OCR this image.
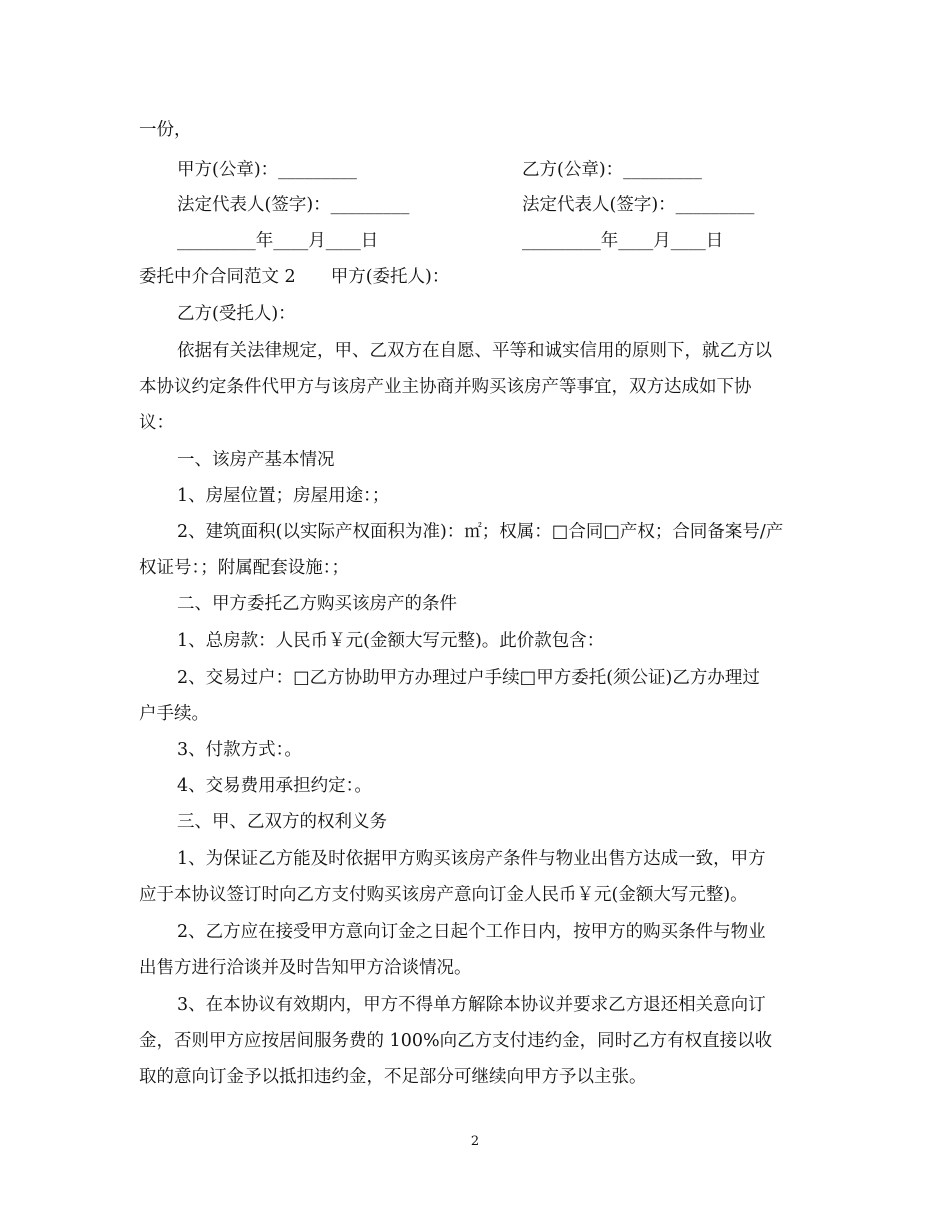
一份，

甲方(公章)：_________	乙方(公章)：_________

法定代表人(签字)：_________	法定代表人(签字)：_________

_________年____月____日	_________年____月____日

委托中介合同范文 2　　甲方(委托人)：

乙方(受托人)：

依据有关法律规定，甲、乙双方在自愿、平等和诚实信用的原则下，就乙方以

本协议约定条件代甲方与该房产业主协商并购买该房产等事宜，双方达成如下协

议：

一、该房产基本情况

1、房屋位置；房屋用途：；

2、建筑面积(以实际产权面积为准)：㎡；权属：□合同□产权；合同备案号/产

权证号：；附属配套设施：；

二、甲方委托乙方购买该房产的条件

1、总房款：人民币￥元(金额大写元整)。此价款包含：

2、交易过户：□乙方协助甲方办理过户手续□甲方委托(须公证)乙方办理过

户手续。

3、付款方式：。

4、交易费用承担约定：。

三、甲、乙双方的权利义务

1、为保证乙方能及时依据甲方购买该房产条件与物业出售方达成一致，甲方

应于本协议签订时向乙方支付购买该房产意向订金人民币￥元(金额大写元整)。

2、乙方应在接受甲方意向订金之日起个工作日内，按甲方的购买条件与物业

出售方进行洽谈并及时告知甲方洽谈情况。

3、在本协议有效期内，甲方不得单方解除本协议并要求乙方退还相关意向订

金，否则甲方应按居间服务费的 100%向乙方支付违约金，同时乙方有权直接以收

取的意向订金予以抵扣违约金，不足部分可继续向甲方予以主张。

2
